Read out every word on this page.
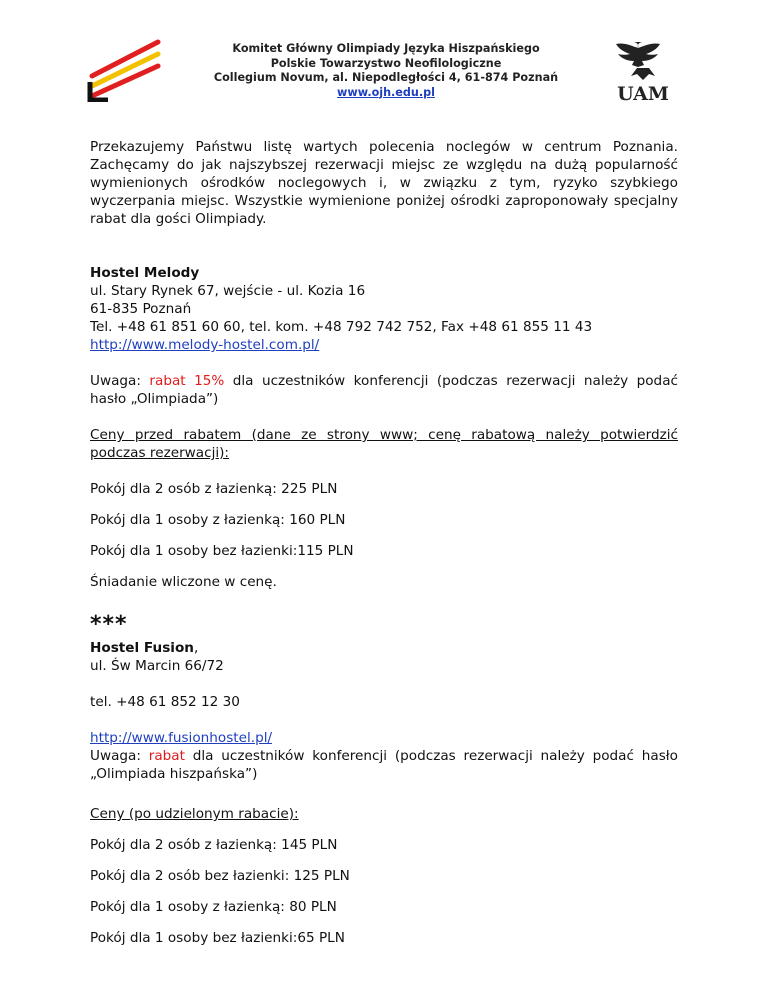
Komitet Główny Olimpiady Języka Hiszpańskiego
Polskie Towarzystwo Neofilologiczne
Collegium Novum, al. Niepodległości 4, 61-874 Poznań
www.ojh.edu.pl	UAM

Przekazujemy Państwu listę wartych polecenia noclegów w centrum Poznania. Zachęcamy do jak najszybszej rezerwacji miejsc ze względu na dużą popularność wymienionych ośrodków noclegowych i, w związku z tym, ryzyko szybkiego wyczerpania miejsc. Wszystkie wymienione poniżej ośrodki zaproponowały specjalny rabat dla gości Olimpiady.

Hostel Melody

ul. Stary Rynek 67, wejście - ul. Kozia 16

61-835 Poznań

Tel. +48 61 851 60 60, tel. kom. +48 792 742 752, Fax +48 61 855 11 43

http://www.melody-hostel.com.pl/

Uwaga: rabat 15% dla uczestników konferencji (podczas rezerwacji należy podać hasło „Olimpiada”)

Ceny przed rabatem (dane ze strony www; cenę rabatową należy potwierdzić podczas rezerwacji):

Pokój dla 2 osób z łazienką: 225 PLN

Pokój dla 1 osoby z łazienką: 160 PLN

Pokój dla 1 osoby bez łazienki:115 PLN

Śniadanie wliczone w cenę.

***

Hostel Fusion,

ul. Św Marcin 66/72

tel. +48 61 852 12 30

http://www.fusionhostel.pl/

Uwaga: rabat dla uczestników konferencji (podczas rezerwacji należy podać hasło „Olimpiada hiszpańska”)

Ceny (po udzielonym rabacie):

Pokój dla 2 osób z łazienką: 145 PLN

Pokój dla 2 osób bez łazienki: 125 PLN

Pokój dla 1 osoby z łazienką: 80 PLN

Pokój dla 1 osoby bez łazienki:65 PLN
